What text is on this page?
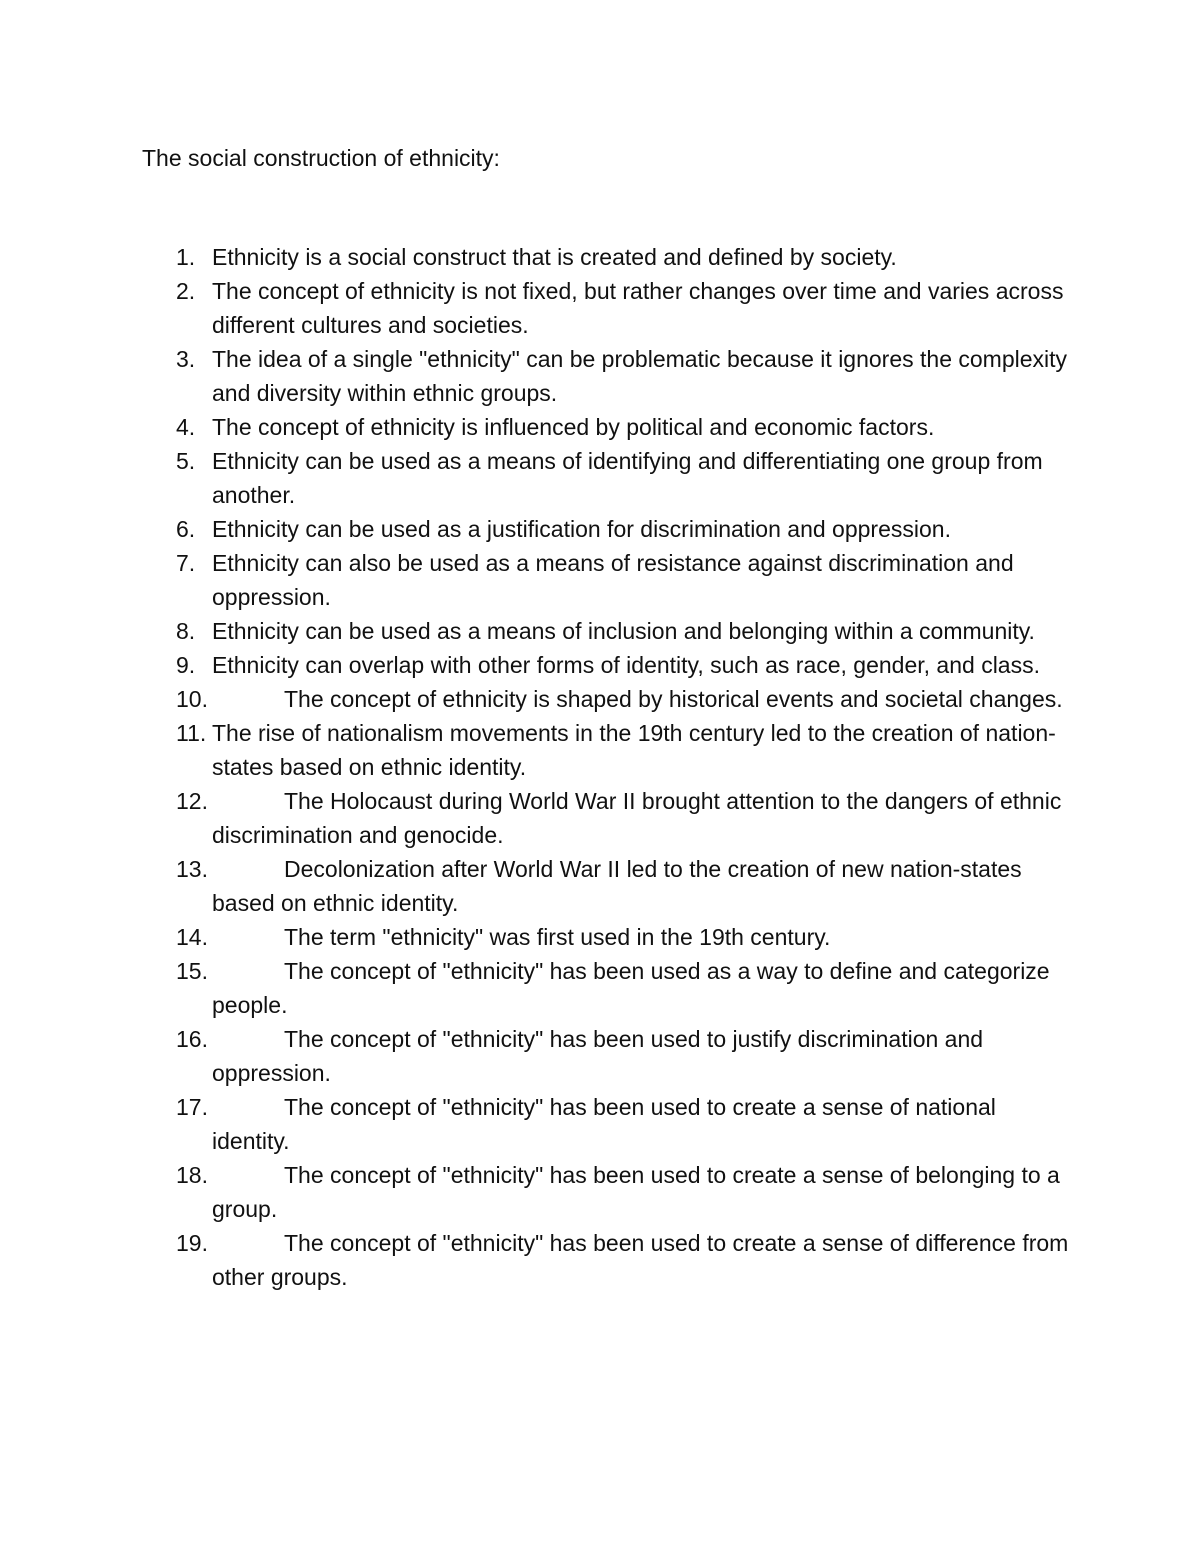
The social construction of ethnicity:
1. Ethnicity is a social construct that is created and defined by society.
2. The concept of ethnicity is not fixed, but rather changes over time and varies across different cultures and societies.
3. The idea of a single "ethnicity" can be problematic because it ignores the complexity and diversity within ethnic groups.
4. The concept of ethnicity is influenced by political and economic factors.
5. Ethnicity can be used as a means of identifying and differentiating one group from another.
6. Ethnicity can be used as a justification for discrimination and oppression.
7. Ethnicity can also be used as a means of resistance against discrimination and oppression.
8. Ethnicity can be used as a means of inclusion and belonging within a community.
9. Ethnicity can overlap with other forms of identity, such as race, gender, and class.
10.	The concept of ethnicity is shaped by historical events and societal changes.
11. The rise of nationalism movements in the 19th century led to the creation of nation-states based on ethnic identity.
12.	The Holocaust during World War II brought attention to the dangers of ethnic discrimination and genocide.
13.	Decolonization after World War II led to the creation of new nation-states based on ethnic identity.
14.	The term "ethnicity" was first used in the 19th century.
15.	The concept of "ethnicity" has been used as a way to define and categorize people.
16.	The concept of "ethnicity" has been used to justify discrimination and oppression.
17.	The concept of "ethnicity" has been used to create a sense of national identity.
18.	The concept of "ethnicity" has been used to create a sense of belonging to a group.
19.	The concept of "ethnicity" has been used to create a sense of difference from other groups.
